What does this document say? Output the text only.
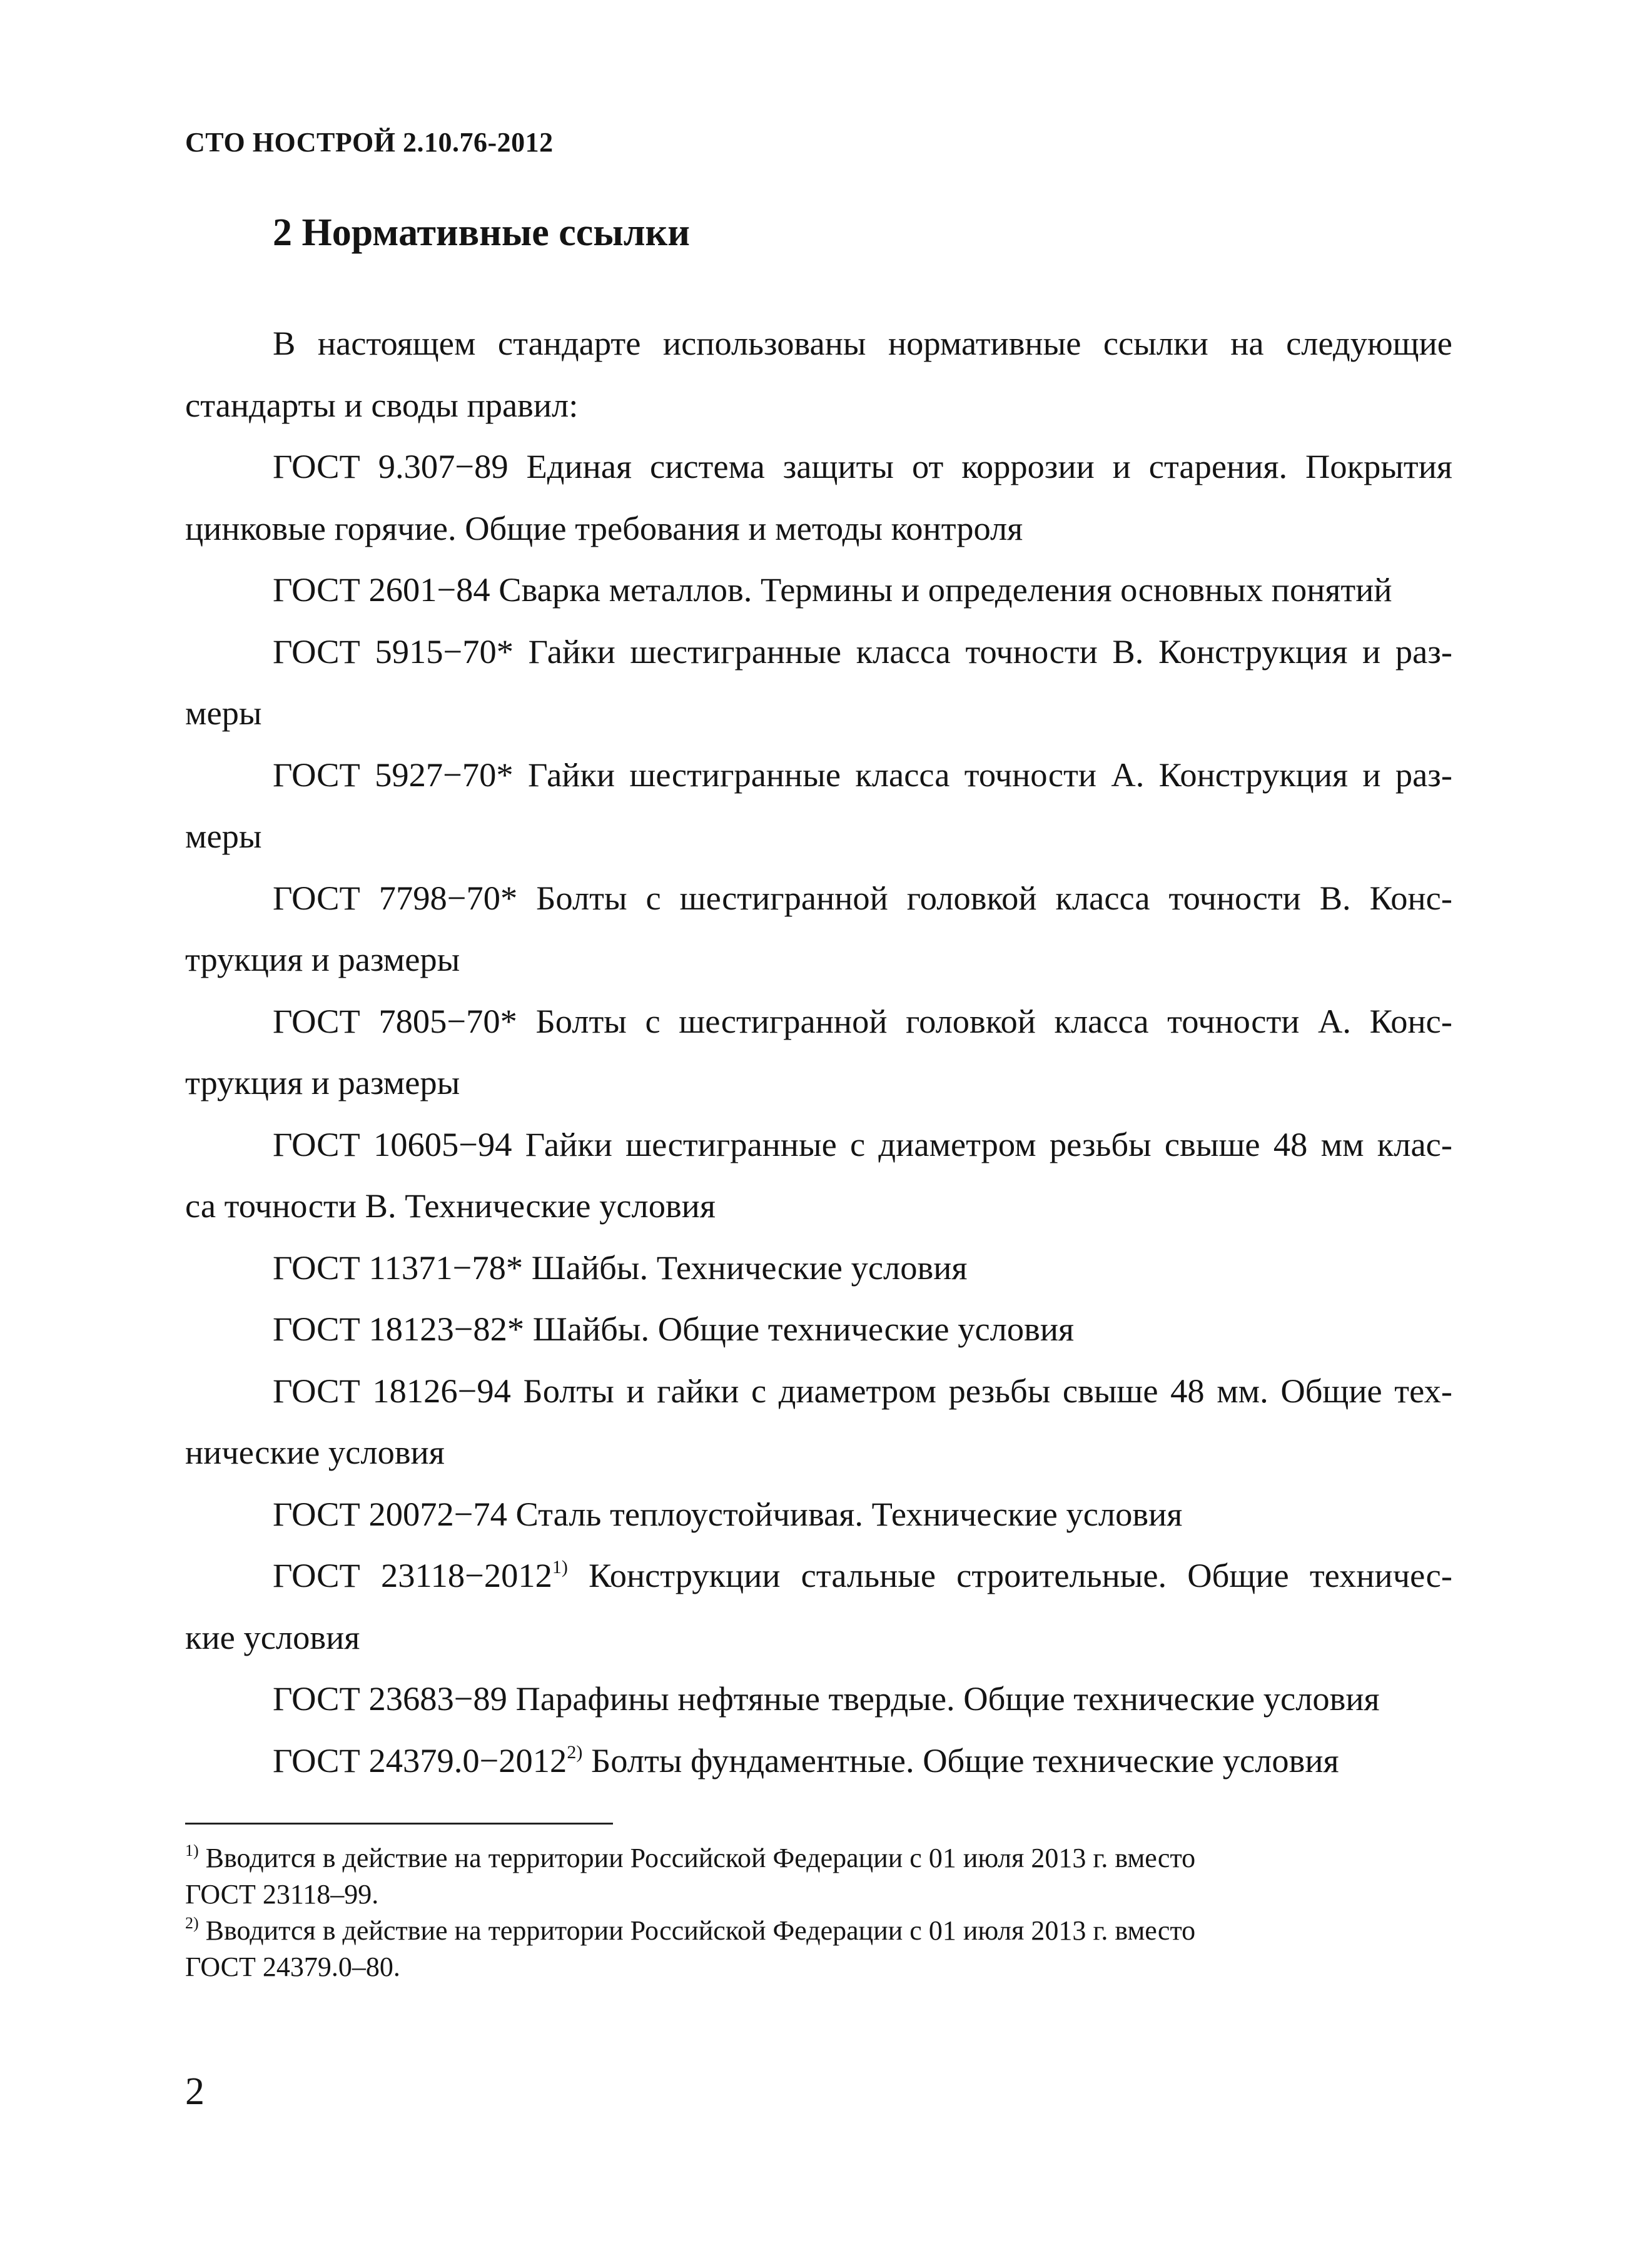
СТО НОСТРОЙ 2.10.76-2012
2 Нормативные ссылки

В настоящем стандарте использованы нормативные ссылки на следующие
стандарты и своды правил:

ГОСТ 9.307−89 Единая система защиты от коррозии и старения. Покрытия
цинковые горячие. Общие требования и методы контроля

ГОСТ 2601−84 Сварка металлов. Термины и определения основных понятий

ГОСТ 5915−70* Гайки шестигранные класса точности В. Конструкция и раз-
меры

ГОСТ 5927−70* Гайки шестигранные класса точности А. Конструкция и раз-
меры

ГОСТ 7798−70* Болты с шестигранной головкой класса точности В. Конс-
трукция и размеры

ГОСТ 7805−70* Болты с шестигранной головкой класса точности А. Конс-
трукция и размеры

ГОСТ 10605−94 Гайки шестигранные с диаметром резьбы свыше 48 мм клас-
са точности В. Технические условия

ГОСТ 11371−78* Шайбы. Технические условия

ГОСТ 18123−82* Шайбы. Общие технические условия

ГОСТ 18126−94 Болты и гайки с диаметром резьбы свыше 48 мм. Общие тех-
нические условия

ГОСТ 20072−74 Сталь теплоустойчивая. Технические условия

ГОСТ 23118−2012$^{1)}$ Конструкции стальные строительные. Общие техничес-
кие условия

ГОСТ 23683−89 Парафины нефтяные твердые. Общие технические условия

ГОСТ 24379.0−2012$^{2)}$ Болты фундаментные. Общие технические условия

$^{1)}$ Вводится в действие на территории Российской Федерации с 01 июля 2013 г. вместо

ГОСТ 23118–99.

$^{2)}$ Вводится в действие на территории Российской Федерации с 01 июля 2013 г. вместо

ГОСТ 24379.0–80.

2
